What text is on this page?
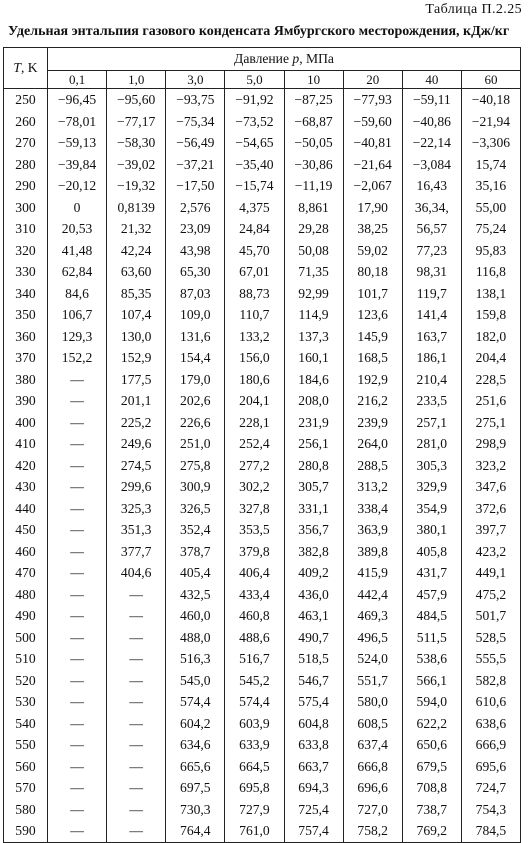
Таблица П.2.25
Удельная энтальпия газового конденсата Ямбургского месторождения, кДж/кг
T, K	Давление p, МПа							
	0,1	1,0	3,0	5,0	10	20	40	60
250	−96,45	−95,60	−93,75	−91,92	−87,25	−77,93	−59,11	−40,18
260	−78,01	−77,17	−75,34	−73,52	−68,87	−59,60	−40,86	−21,94
270	−59,13	−58,30	−56,49	−54,65	−50,05	−40,81	−22,14	−3,306
280	−39,84	−39,02	−37,21	−35,40	−30,86	−21,64	−3,084	15,74
290	−20,12	−19,32	−17,50	−15,74	−11,19	−2,067	16,43	35,16
300	0	0,8139	2,576	4,375	8,861	17,90	36,34,	55,00
310	20,53	21,32	23,09	24,84	29,28	38,25	56,57	75,24
320	41,48	42,24	43,98	45,70	50,08	59,02	77,23	95,83
330	62,84	63,60	65,30	67,01	71,35	80,18	98,31	116,8
340	84,6	85,35	87,03	88,73	92,99	101,7	119,7	138,1
350	106,7	107,4	109,0	110,7	114,9	123,6	141,4	159,8
360	129,3	130,0	131,6	133,2	137,3	145,9	163,7	182,0
370	152,2	152,9	154,4	156,0	160,1	168,5	186,1	204,4
380	—	177,5	179,0	180,6	184,6	192,9	210,4	228,5
390	—	201,1	202,6	204,1	208,0	216,2	233,5	251,6
400	—	225,2	226,6	228,1	231,9	239,9	257,1	275,1
410	—	249,6	251,0	252,4	256,1	264,0	281,0	298,9
420	—	274,5	275,8	277,2	280,8	288,5	305,3	323,2
430	—	299,6	300,9	302,2	305,7	313,2	329,9	347,6
440	—	325,3	326,5	327,8	331,1	338,4	354,9	372,6
450	—	351,3	352,4	353,5	356,7	363,9	380,1	397,7
460	—	377,7	378,7	379,8	382,8	389,8	405,8	423,2
470	—	404,6	405,4	406,4	409,2	415,9	431,7	449,1
480	—	—	432,5	433,4	436,0	442,4	457,9	475,2
490	—	—	460,0	460,8	463,1	469,3	484,5	501,7
500	—	—	488,0	488,6	490,7	496,5	511,5	528,5
510	—	—	516,3	516,7	518,5	524,0	538,6	555,5
520	—	—	545,0	545,2	546,7	551,7	566,1	582,8
530	—	—	574,4	574,4	575,4	580,0	594,0	610,6
540	—	—	604,2	603,9	604,8	608,5	622,2	638,6
550	—	—	634,6	633,9	633,8	637,4	650,6	666,9
560	—	—	665,6	664,5	663,7	666,8	679,5	695,6
570	—	—	697,5	695,8	694,3	696,6	708,8	724,7
580	—	—	730,3	727,9	725,4	727,0	738,7	754,3
590	—	—	764,4	761,0	757,4	758,2	769,2	784,5
